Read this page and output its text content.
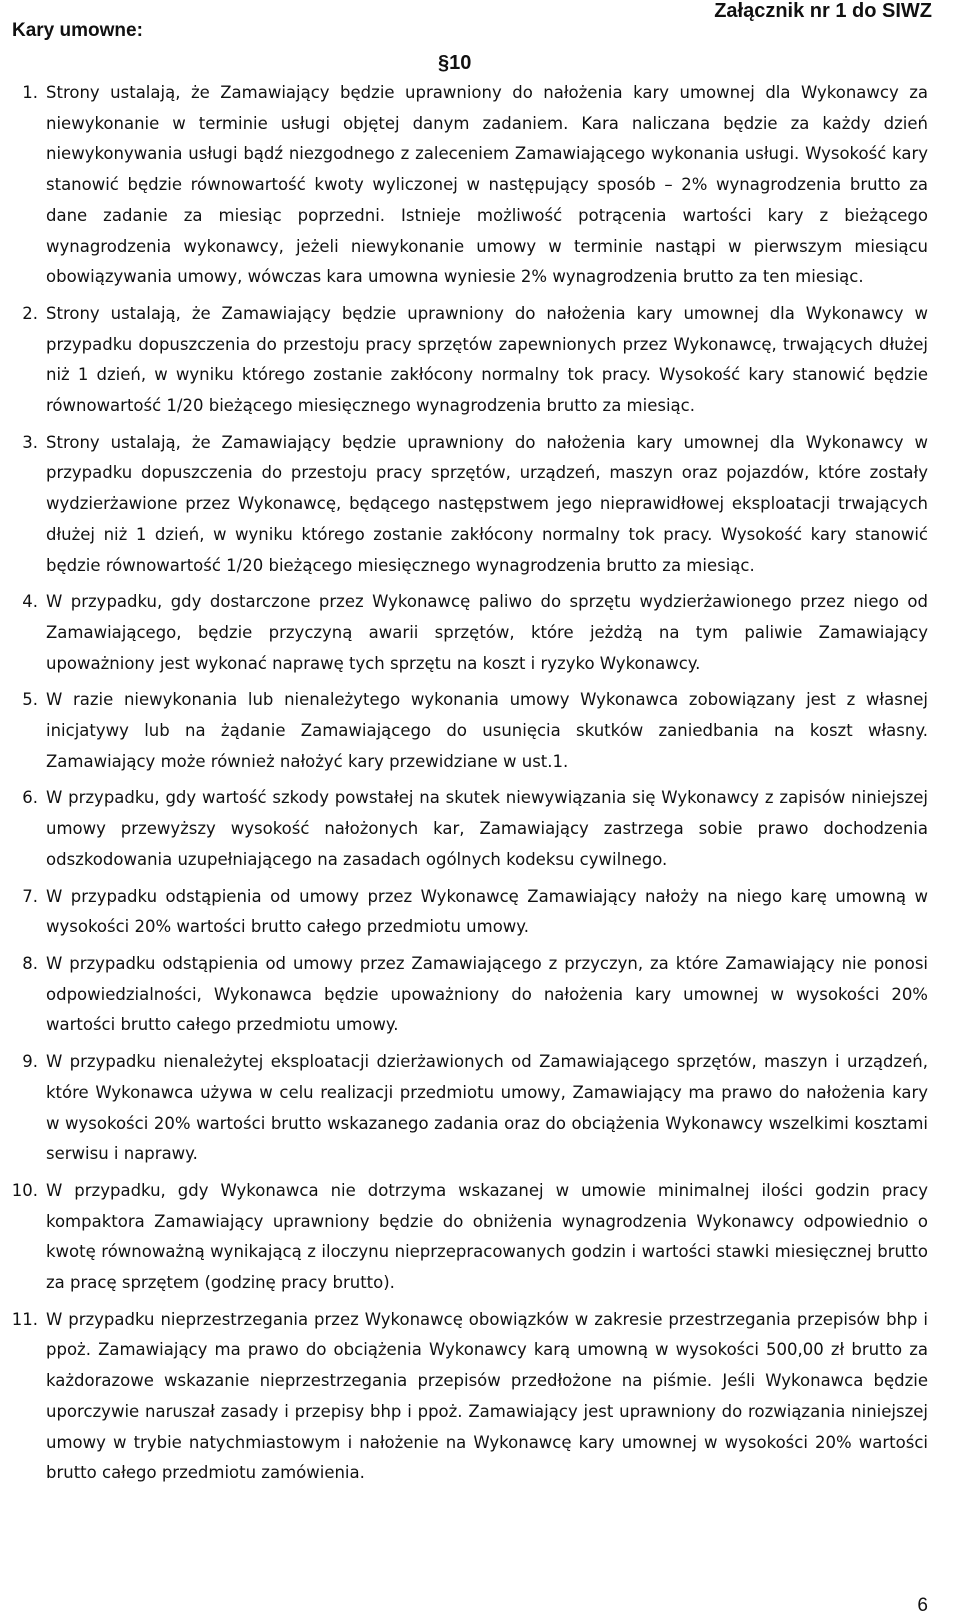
Załącznik nr 1 do SIWZ
Kary umowne:
§10
1. Strony ustalają, że Zamawiający będzie uprawniony do nałożenia kary umownej dla Wykonawcy za niewykonanie w terminie usługi objętej danym zadaniem. Kara naliczana będzie za każdy dzień niewykonywania usługi bądź niezgodnego z zaleceniem Zamawiającego wykonania usługi. Wysokość kary stanowić będzie równowartość kwoty wyliczonej w następujący sposób – 2% wynagrodzenia brutto za dane zadanie za miesiąc poprzedni. Istnieje możliwość potrącenia wartości kary z bieżącego wynagrodzenia wykonawcy, jeżeli niewykonanie umowy w terminie nastąpi w pierwszym miesiącu obowiązywania umowy, wówczas kara umowna wyniesie 2% wynagrodzenia brutto za ten miesiąc.
2. Strony ustalają, że Zamawiający będzie uprawniony do nałożenia kary umownej dla Wykonawcy w przypadku dopuszczenia do przestoju pracy sprzętów zapewnionych przez Wykonawcę, trwających dłużej niż 1 dzień, w wyniku którego zostanie zakłócony normalny tok pracy. Wysokość kary stanowić będzie równowartość 1/20 bieżącego miesięcznego wynagrodzenia brutto za miesiąc.
3. Strony ustalają, że Zamawiający będzie uprawniony do nałożenia kary umownej dla Wykonawcy w przypadku dopuszczenia do przestoju pracy sprzętów, urządzeń, maszyn oraz pojazdów, które zostały wydzierżawione przez Wykonawcę, będącego następstwem jego nieprawidłowej eksploatacji trwających dłużej niż 1 dzień, w wyniku którego zostanie zakłócony normalny tok pracy. Wysokość kary stanowić będzie równowartość 1/20 bieżącego miesięcznego wynagrodzenia brutto za miesiąc.
4. W przypadku, gdy dostarczone przez Wykonawcę paliwo do sprzętu wydzierżawionego przez niego od Zamawiającego, będzie przyczyną awarii sprzętów, które jeżdżą na tym paliwie Zamawiający upoważniony jest wykonać naprawę tych sprzętu na koszt i ryzyko Wykonawcy.
5. W razie niewykonania lub nienależytego wykonania umowy Wykonawca zobowiązany jest z własnej inicjatywy lub na żądanie Zamawiającego do usunięcia skutków zaniedbania na koszt własny. Zamawiający może również nałożyć kary przewidziane w ust.1.
6. W przypadku, gdy wartość szkody powstałej na skutek niewywiązania się Wykonawcy z zapisów niniejszej umowy przewyższy wysokość nałożonych kar, Zamawiający zastrzega sobie prawo dochodzenia odszkodowania uzupełniającego na zasadach ogólnych kodeksu cywilnego.
7. W przypadku odstąpienia od umowy przez Wykonawcę Zamawiający nałoży na niego karę umowną w wysokości 20% wartości brutto całego przedmiotu umowy.
8. W przypadku odstąpienia od umowy przez Zamawiającego z przyczyn, za które Zamawiający nie ponosi odpowiedzialności, Wykonawca będzie upoważniony do nałożenia kary umownej w wysokości 20% wartości brutto całego przedmiotu umowy.
9. W przypadku nienależytej eksploatacji dzierżawionych od Zamawiającego sprzętów, maszyn i urządzeń, które Wykonawca używa w celu realizacji przedmiotu umowy, Zamawiający ma prawo do nałożenia kary w wysokości 20% wartości brutto wskazanego zadania oraz do obciążenia Wykonawcy wszelkimi kosztami serwisu i naprawy.
10. W przypadku, gdy Wykonawca nie dotrzyma wskazanej w umowie minimalnej ilości godzin pracy kompaktora Zamawiający uprawniony będzie do obniżenia wynagrodzenia Wykonawcy odpowiednio o kwotę równoważną wynikającą z iloczynu nieprzepracowanych godzin i wartości stawki miesięcznej brutto za pracę sprzętem (godzinę pracy brutto).
11. W przypadku nieprzestrzegania przez Wykonawcę obowiązków w zakresie przestrzegania przepisów bhp i ppoż. Zamawiający ma prawo do obciążenia Wykonawcy karą umowną w wysokości 500,00 zł brutto za każdorazowe wskazanie nieprzestrzegania przepisów przedłożone na piśmie. Jeśli Wykonawca będzie uporczywie naruszał zasady i przepisy bhp i ppoż. Zamawiający jest uprawniony do rozwiązania niniejszej umowy w trybie natychmiastowym i nałożenie na Wykonawcę kary umownej w wysokości 20% wartości brutto całego przedmiotu zamówienia.
6
